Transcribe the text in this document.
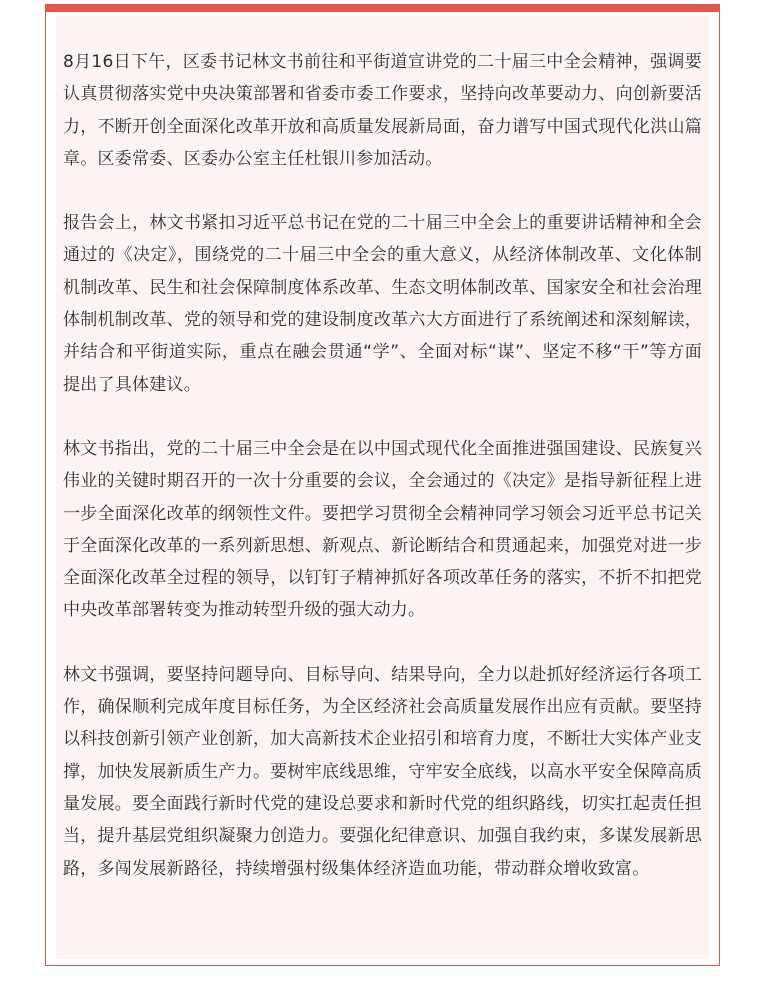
8月16日下午，区委书记林文书前往和平街道宣讲党的二十届三中全会精神，强调要认真贯彻落实党中央决策部署和省委市委工作要求，坚持向改革要动力、向创新要活力，不断开创全面深化改革开放和高质量发展新局面，奋力谱写中国式现代化洪山篇章。区委常委、区委办公室主任杜银川参加活动。

报告会上，林文书紧扣习近平总书记在党的二十届三中全会上的重要讲话精神和全会通过的《决定》，围绕党的二十届三中全会的重大意义，从经济体制改革、文化体制机制改革、民生和社会保障制度体系改革、生态文明体制改革、国家安全和社会治理体制机制改革、党的领导和党的建设制度改革六大方面进行了系统阐述和深刻解读，并结合和平街道实际，重点在融会贯通“学”、全面对标“谋”、坚定不移“干”等方面提出了具体建议。

林文书指出，党的二十届三中全会是在以中国式现代化全面推进强国建设、民族复兴伟业的关键时期召开的一次十分重要的会议，全会通过的《决定》是指导新征程上进一步全面深化改革的纲领性文件。要把学习贯彻全会精神同学习领会习近平总书记关于全面深化改革的一系列新思想、新观点、新论断结合和贯通起来，加强党对进一步全面深化改革全过程的领导，以钉钉子精神抓好各项改革任务的落实，不折不扣把党中央改革部署转变为推动转型升级的强大动力。

林文书强调，要坚持问题导向、目标导向、结果导向，全力以赴抓好经济运行各项工作，确保顺利完成年度目标任务，为全区经济社会高质量发展作出应有贡献。要坚持以科技创新引领产业创新，加大高新技术企业招引和培育力度，不断壮大实体产业支撑，加快发展新质生产力。要树牢底线思维，守牢安全底线，以高水平安全保障高质量发展。要全面践行新时代党的建设总要求和新时代党的组织路线，切实扛起责任担当，提升基层党组织凝聚力创造力。要强化纪律意识、加强自我约束，多谋发展新思路，多闯发展新路径，持续增强村级集体经济造血功能，带动群众增收致富。
